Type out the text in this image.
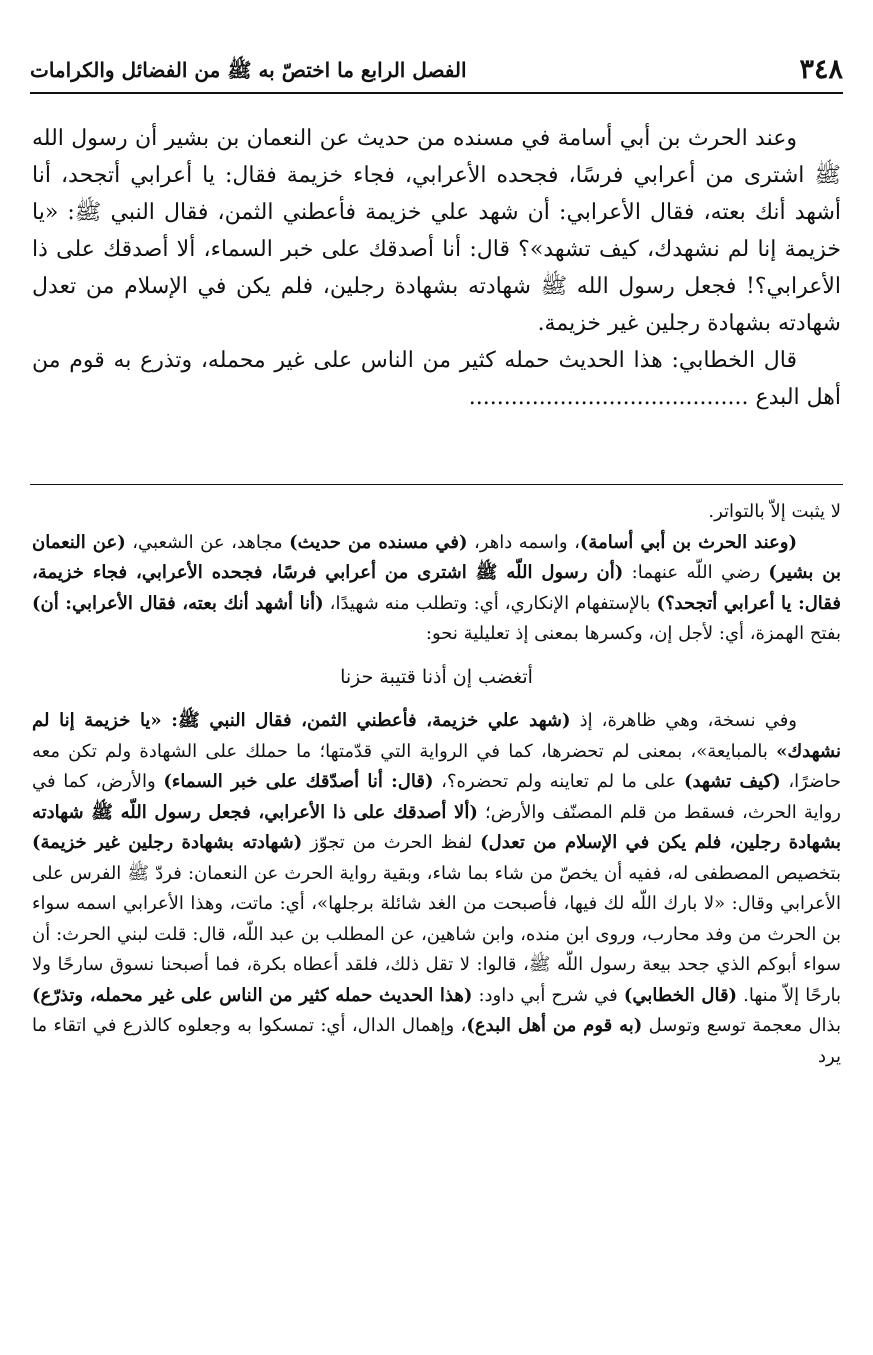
٣٤٨
الفصل الرابع ما اختصّ به ﷺ من الفضائل والكرامات

وعند الحرث بن أبي أسامة في مسنده من حديث عن النعمان بن بشير أن رسول الله ﷺ اشترى من أعرابي فرسًا، فجحده الأعرابي، فجاء خزيمة فقال: يا أعرابي أتجحد، أنا أشهد أنك بعته، فقال الأعرابي: أن شهد علي خزيمة فأعطني الثمن، فقال النبي ﷺ: «يا خزيمة إنا لم نشهدك، كيف تشهد»؟ قال: أنا أصدقك على خبر السماء، ألا أصدقك على ذا الأعرابي؟! فجعل رسول الله ﷺ شهادته بشهادة رجلين، فلم يكن في الإسلام من تعدل شهادته بشهادة رجلين غير خزيمة.

قال الخطابي: هذا الحديث حمله كثير من الناس على غير محمله، وتذرع به قوم من أهل البدع ........................................

لا يثبت إلاّ بالتواتر.

(وعند الحرث بن أبي أسامة)، واسمه داهر، (في مسنده من حديث) مجاهد، عن الشعبي، (عن النعمان بن بشير) رضي اللّه عنهما: (أن رسول اللّه ﷺ اشترى من أعرابي فرسًا، فجحده الأعرابي، فجاء خزيمة، فقال: يا أعرابي أتجحد؟) بالإستفهام الإنكاري، أي: وتطلب منه شهيدًا، (أنا أشهد أنك بعته، فقال الأعرابي: أن) بفتح الهمزة، أي: لأجل إن، وكسرها بمعنى إذ تعليلية نحو:

أتغضب إن أذنا قتيبة حزنا

وفي نسخة، وهي ظاهرة، إذ (شهد علي خزيمة، فأعطني الثمن، فقال النبي ﷺ: «يا خزيمة إنا لم نشهدك» بالمبايعة»، بمعنى لم تحضرها، كما في الرواية التي قدّمتها؛ ما حملك على الشهادة ولم تكن معه حاضرًا، (كيف تشهد) على ما لم تعاينه ولم تحضره؟، (قال: أنا أصدّقك على خبر السماء) والأرض، كما في رواية الحرث، فسقط من قلم المصنّف والأرض؛ (ألا أصدقك على ذا الأعرابي، فجعل رسول اللّه ﷺ شهادته بشهادة رجلين، فلم يكن في الإسلام من تعدل) لفظ الحرث من تجوّز (شهادته بشهادة رجلين غير خزيمة) بتخصيص المصطفى له، ففيه أن يخصّ من شاء بما شاء، وبقية رواية الحرث عن النعمان: فردّ ﷺ الفرس على الأعرابي وقال: «لا بارك اللّه لك فيها، فأصبحت من الغد شائلة برجلها»، أي: ماتت، وهذا الأعرابي اسمه سواء بن الحرث من وفد محارب، وروى ابن منده، وابن شاهين، عن المطلب بن عبد اللّه، قال: قلت لبني الحرث: أن سواء أبوكم الذي جحد بيعة رسول اللّه ﷺ، قالوا: لا تقل ذلك، فلقد أعطاه بكرة، فما أصبحنا نسوق سارحًا ولا بارحًا إلاّ منها. (قال الخطابي) في شرح أبي داود: (هذا الحديث حمله كثير من الناس على غير محمله، وتذرّع) بذال معجمة توسع وتوسل (به قوم من أهل البدع)، وإهمال الدال، أي: تمسكوا به وجعلوه كالذرع في اتقاء ما يرد
